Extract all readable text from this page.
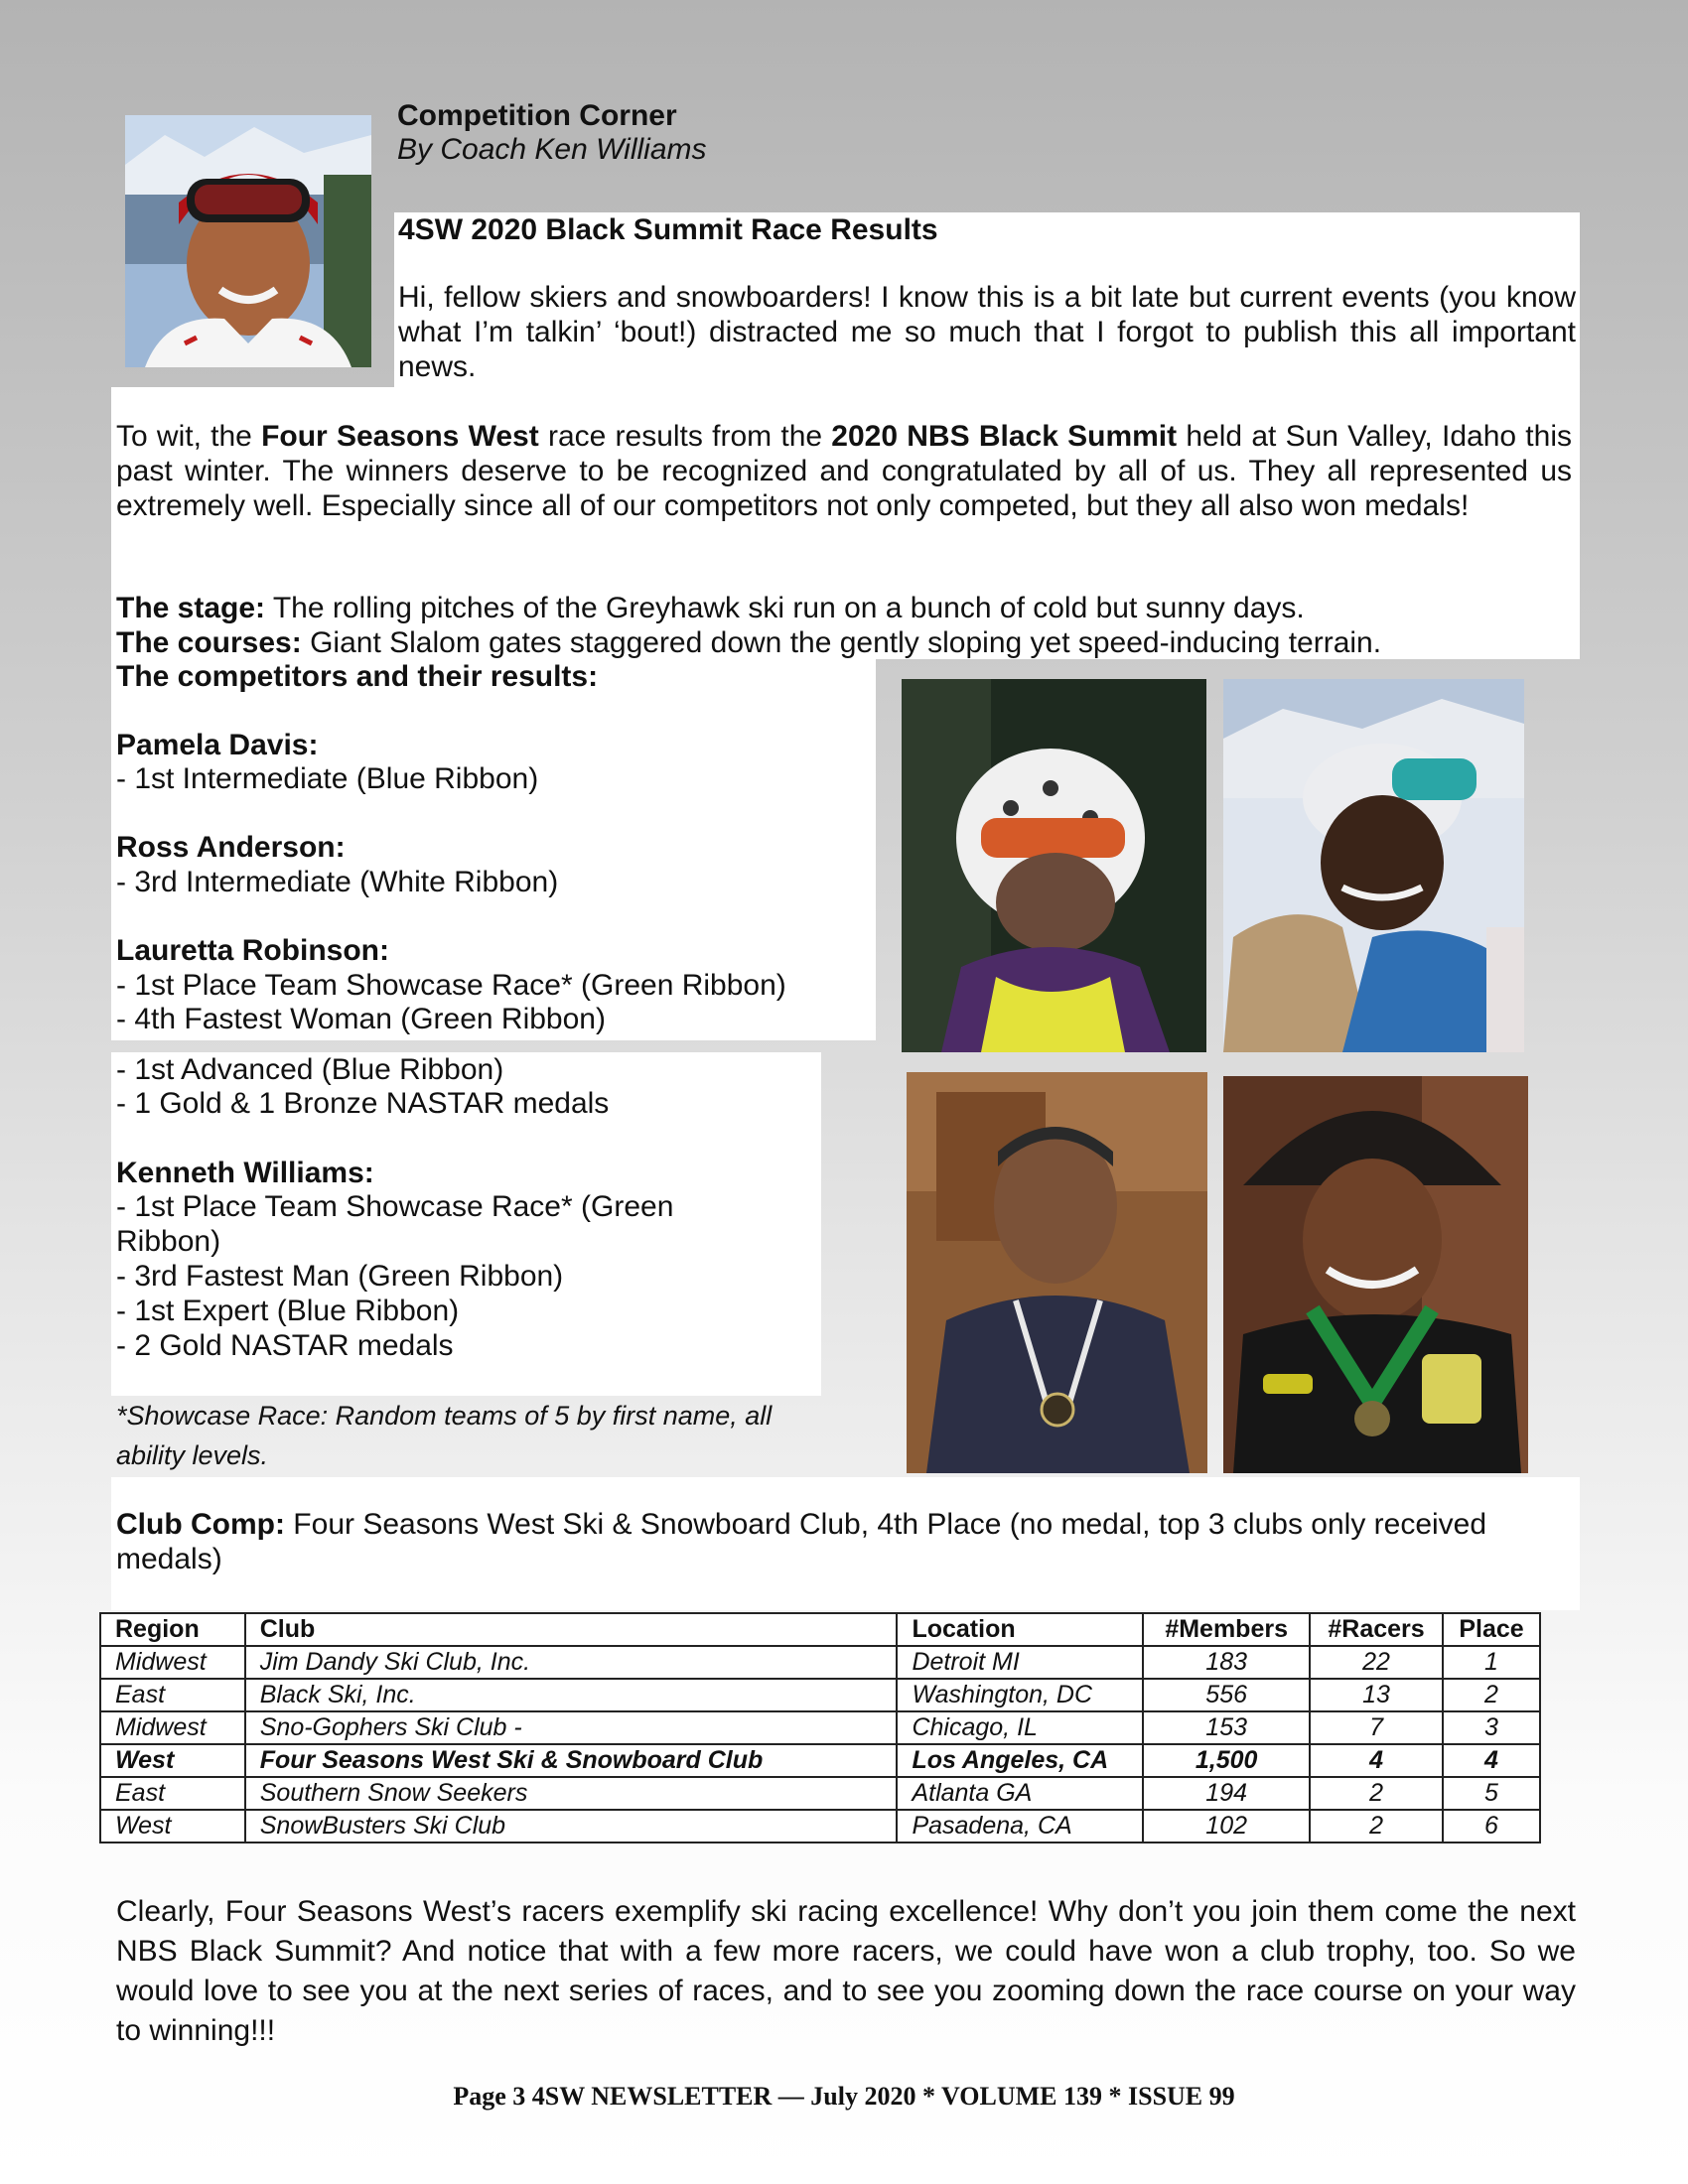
Competition Corner

By Coach Ken Williams

4SW 2020 Black Summit Race Results

Hi, fellow skiers and snowboarders! I know this is a bit late but current events (you know what I’m talkin’ ‘bout!) distracted me so much that I forgot to publish this all important news.

To wit, the Four Seasons West race results from the 2020 NBS Black Summit held at Sun Valley, Idaho this past winter. The winners deserve to be recognized and congratulated by all of us. They all represented us extremely well. Especially since all of our competitors not only competed, but they all also won medals!

The stage: The rolling pitches of the Greyhawk ski run on a bunch of cold but sunny days.

The courses: Giant Slalom gates staggered down the gently sloping yet speed-inducing terrain.

The competitors and their results:

Pamela Davis:

- 1st Intermediate (Blue Ribbon)

Ross Anderson:

- 3rd Intermediate (White Ribbon)

Lauretta Robinson:

- 1st Place Team Showcase Race* (Green Ribbon)

- 4th Fastest Woman (Green Ribbon)

- 1st Advanced (Blue Ribbon)

- 1 Gold & 1 Bronze NASTAR medals

Kenneth Williams:

- 1st Place Team Showcase Race* (Green Ribbon)

- 3rd Fastest Man (Green Ribbon)

- 1st Expert (Blue Ribbon)

- 2 Gold NASTAR medals

*Showcase Race: Random teams of 5 by first name, all ability levels.

Club Comp: Four Seasons West Ski & Snowboard Club, 4th Place (no medal, top 3 clubs only received medals)

Region	Club	Location	#Members	#Racers	Place
Midwest	Jim Dandy Ski Club, Inc.	Detroit MI	183	22	1
East	Black Ski, Inc.	Washington, DC	556	13	2
Midwest	Sno-Gophers Ski Club -	Chicago, IL	153	7	3
West	Four Seasons West Ski & Snowboard Club	Los Angeles, CA	1,500	4	4
East	Southern Snow Seekers	Atlanta GA	194	2	5
West	SnowBusters Ski Club	Pasadena, CA	102	2	6

Clearly, Four Seasons West’s racers exemplify ski racing excellence! Why don’t you join them come the next NBS Black Summit? And notice that with a few more racers, we could have won a club trophy, too. So we would love to see you at the next series of races, and to see you zooming down the race course on your way to winning!!!

Page 3 4SW NEWSLETTER — July 2020 * VOLUME 139 * ISSUE 99
